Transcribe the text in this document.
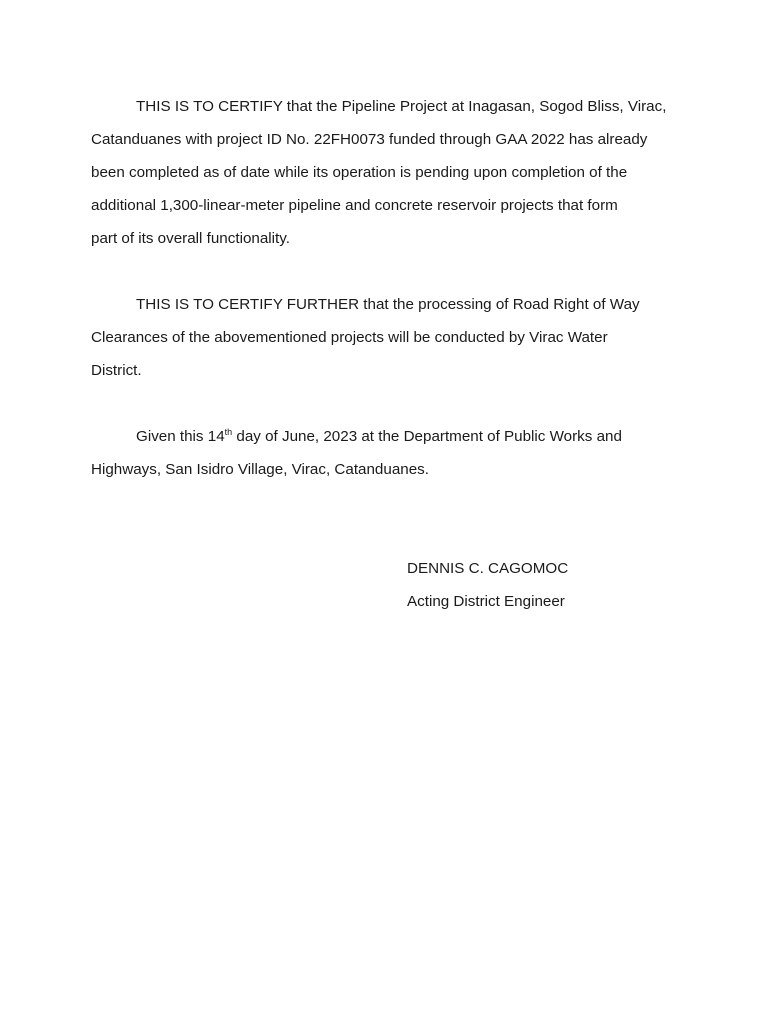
THIS IS TO CERTIFY that the Pipeline Project at Inagasan, Sogod Bliss, Virac,
Catanduanes with project ID No. 22FH0073 funded through GAA 2022 has already
been completed as of date while its operation is pending upon completion of the
additional 1,300-linear-meter pipeline and concrete reservoir projects that form
part of its overall functionality.

THIS IS TO CERTIFY FURTHER that the processing of Road Right of Way
Clearances of the abovementioned projects will be conducted by Virac Water
District.

Given this 14th day of June, 2023 at the Department of Public Works and
Highways, San Isidro Village, Virac, Catanduanes.

DENNIS C. CAGOMOC
Acting District Engineer
